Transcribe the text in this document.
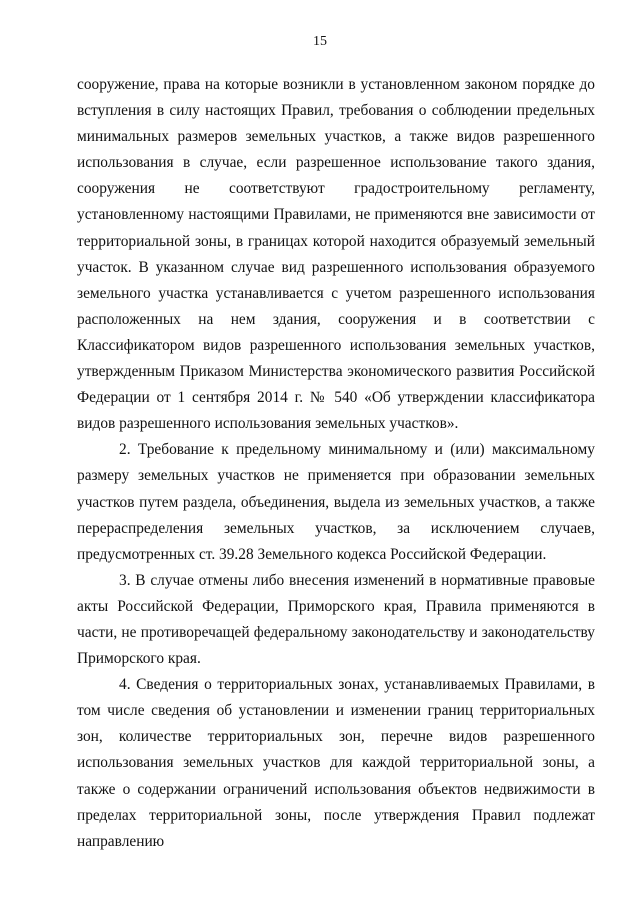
15

сооружение, права на которые возникли в установленном законом порядке до вступления в силу настоящих Правил, требования о соблюдении предельных минимальных размеров земельных участков, а также видов разрешенного использования в случае, если разрешенное использование такого здания, сооружения не соответствуют градостроительному регламенту, установленному настоящими Правилами, не применяются вне зависимости от территориальной зоны, в границах которой находится образуемый земельный участок. В указанном случае вид разрешенного использования образуемого земельного участка устанавливается с учетом разрешенного использования расположенных на нем здания, сооружения и в соответствии с Классификатором видов разрешенного использования земельных участков, утвержденным Приказом Министерства экономического развития Российской Федерации от 1 сентября 2014 г. № 540 «Об утверждении классификатора видов разрешенного использования земельных участков».

2. Требование к предельному минимальному и (или) максимальному размеру земельных участков не применяется при образовании земельных участков путем раздела, объединения, выдела из земельных участков, а также перераспределения земельных участков, за исключением случаев, предусмотренных ст. 39.28 Земельного кодекса Российской Федерации.

3. В случае отмены либо внесения изменений в нормативные правовые акты Российской Федерации, Приморского края, Правила применяются в части, не противоречащей федеральному законодательству и законодательству Приморского края.

4. Сведения о территориальных зонах, устанавливаемых Правилами, в том числе сведения об установлении и изменении границ территориальных зон, количестве территориальных зон, перечне видов разрешенного использования земельных участков для каждой территориальной зоны, а также о содержании ограничений использования объектов недвижимости в пределах территориальной зоны, после утверждения Правил подлежат направлению
